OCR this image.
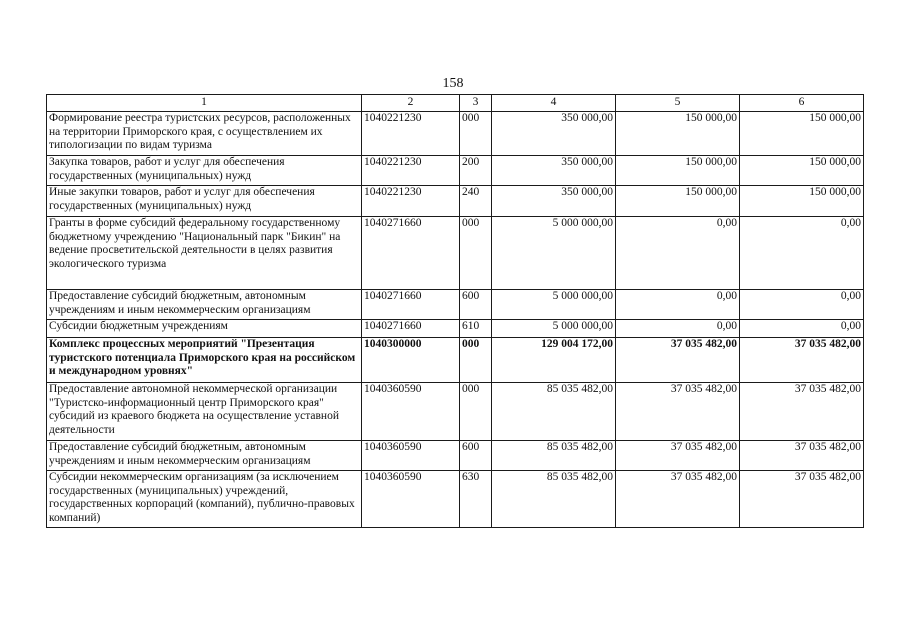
158
1	2	3	4	5	6
Формирование реестра туристских ресурсов, расположенных на территории Приморского края, с осуществлением их типологизации по видам туризма	1040221230	000	350 000,00	150 000,00	150 000,00
Закупка товаров, работ и услуг для обеспечения государственных (муниципальных) нужд	1040221230	200	350 000,00	150 000,00	150 000,00
Иные закупки товаров, работ и услуг для обеспечения государственных (муниципальных) нужд	1040221230	240	350 000,00	150 000,00	150 000,00
Гранты в форме субсидий федеральному государственному бюджетному учреждению "Национальный парк "Бикин" на ведение просветительской деятельности в целях развития экологического туризма	1040271660	000	5 000 000,00	0,00	0,00
Предоставление субсидий бюджетным, автономным учреждениям и иным некоммерческим организациям	1040271660	600	5 000 000,00	0,00	0,00
Субсидии бюджетным учреждениям	1040271660	610	5 000 000,00	0,00	0,00
Комплекс процессных мероприятий "Презентация туристского потенциала Приморского края на российском и международном уровнях"	1040300000	000	129 004 172,00	37 035 482,00	37 035 482,00
Предоставление автономной некоммерческой организации "Туристско-информационный центр Приморского края" субсидий из краевого бюджета на осуществление уставной деятельности	1040360590	000	85 035 482,00	37 035 482,00	37 035 482,00
Предоставление субсидий бюджетным, автономным учреждениям и иным некоммерческим организациям	1040360590	600	85 035 482,00	37 035 482,00	37 035 482,00
Субсидии некоммерческим организациям (за исключением государственных (муниципальных) учреждений, государственных корпораций (компаний), публично-правовых компаний)	1040360590	630	85 035 482,00	37 035 482,00	37 035 482,00
